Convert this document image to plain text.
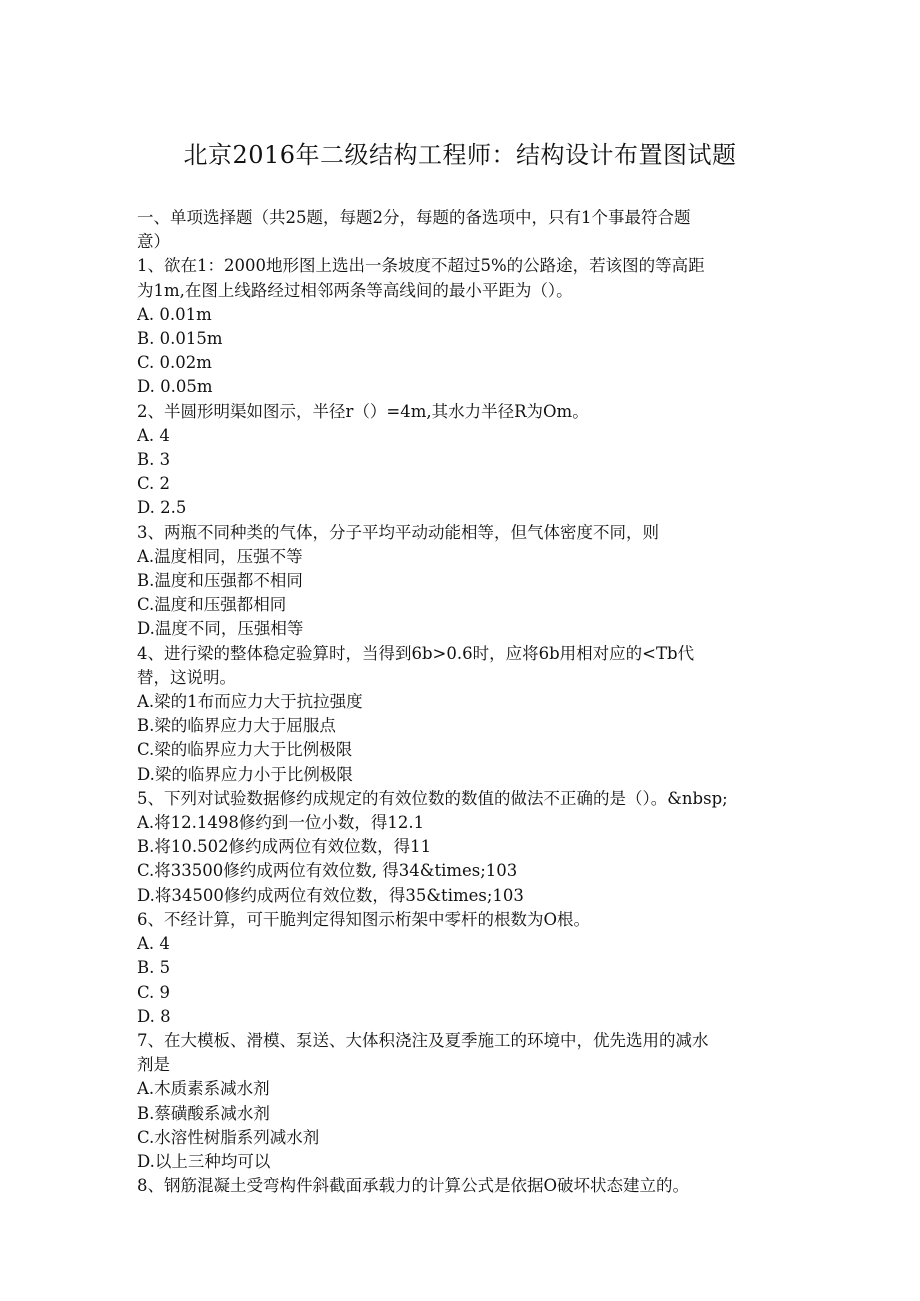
北京2016年二级结构工程师：结构设计布置图试题
一、单项选择题（共25题，每题2分，每题的备选项中，只有1个事最符合题
意）
1、欲在1：2000地形图上选出一条坡度不超过5%的公路途，若该图的等高距
为1m,在图上线路经过相邻两条等高线间的最小平距为（）。
A. 0.01m
B. 0.015m
C. 0.02m
D. 0.05m
2、半圆形明渠如图示，半径r（）=4m,其水力半径R为Om。
A. 4
B. 3
C. 2
D. 2.5
3、两瓶不同种类的气体，分子平均平动动能相等，但气体密度不同，则
A.温度相同，压强不等
B.温度和压强都不相同
C.温度和压强都相同
D.温度不同，压强相等
4、进行梁的整体稳定验算时，当得到6b>0.6时，应将6b用相对应的<Tb代
替，这说明。
A.梁的1布而应力大于抗拉强度
B.梁的临界应力大于屈服点
C.梁的临界应力大于比例极限
D.梁的临界应力小于比例极限
5、下列对试验数据修约成规定的有效位数的数值的做法不正确的是（）。&nbsp;
A.将12.1498修约到一位小数，得12.1
B.将10.502修约成两位有效位数，得11
C.将33500修约成两位有效位数, 得34&times;103
D.将34500修约成两位有效位数，得35&times;103
6、不经计算，可干脆判定得知图示桁架中零杆的根数为O根。
A. 4
B. 5
C. 9
D. 8
7、在大模板、滑模、泵送、大体积浇注及夏季施工的环境中，优先选用的减水
剂是
A.木质素系减水剂
B.蔡磺酸系减水剂
C.水溶性树脂系列减水剂
D.以上三种均可以
8、钢筋混凝土受弯构件斜截面承载力的计算公式是依据O破坏状态建立的。
